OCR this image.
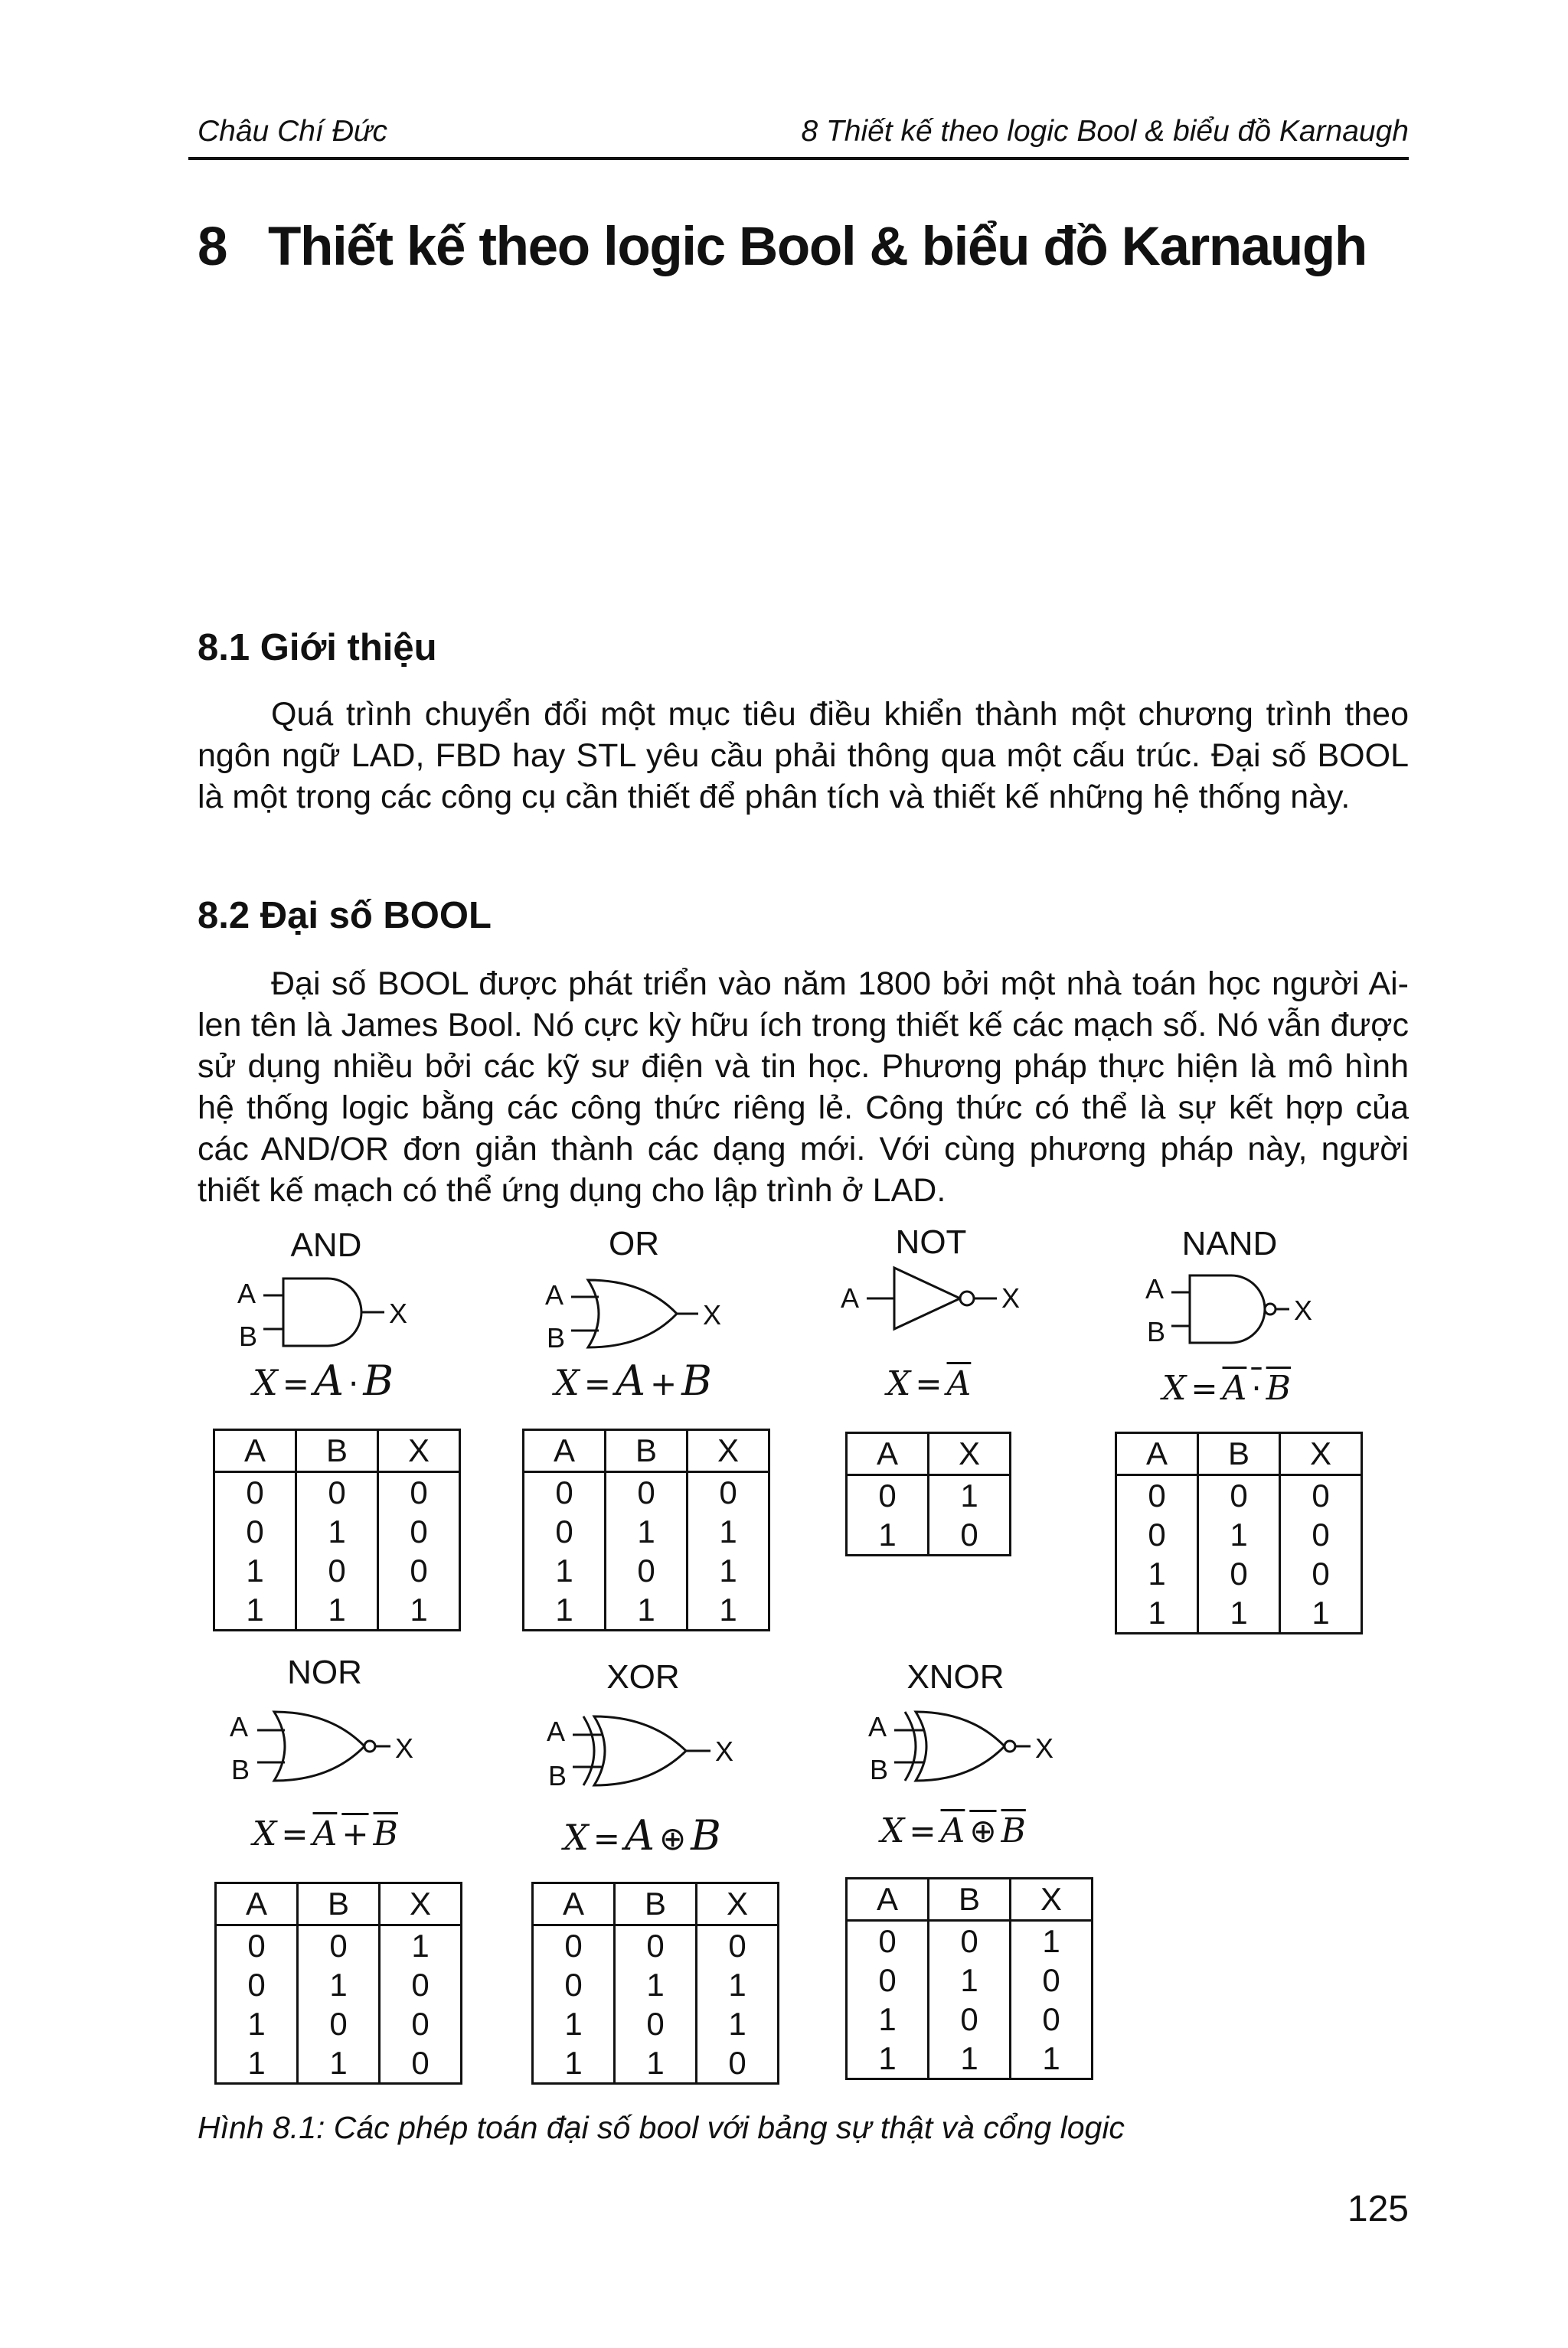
Châu Chí Đức	8 Thiết kế theo logic Bool & biểu đồ Karnaugh
8 Thiết kế theo logic Bool & biểu đồ Karnaugh
8.1 Giới thiệu

Quá trình chuyển đổi một mục tiêu điều khiển thành một chương trình theo ngôn ngữ LAD, FBD hay STL yêu cầu phải thông qua một cấu trúc. Đại số BOOL là một trong các công cụ cần thiết để phân tích và thiết kế những hệ thống này.

8.2 Đại số BOOL

Đại số BOOL được phát triển vào năm 1800 bởi một nhà toán học người Ai-len tên là James Bool. Nó cực kỳ hữu ích trong thiết kế các mạch số. Nó vẫn được sử dụng nhiều bởi các kỹ sư điện và tin học. Phương pháp thực hiện là mô hình hệ thống logic bằng các công thức riêng lẻ. Công thức có thể là sự kết hợp của các AND/OR đơn giản thành các dạng mới. Với cùng phương pháp này, người thiết kế mạch có thể ứng dụng cho lập trình ở LAD.

AND
A
B
X
X = A · B
A	B	X
0	0	0
0	1	0
1	0	0
1	1	1
OR
A
B
X
X = A + B
A	B	X
0	0	0
0	1	1
1	0	1
1	1	1
NOT
A	X
$X = \overline{A}$
A	X
0	1
1	0
NAND
A
B
X
X = A · B
A	B	X
0	0	0
0	1	0
1	0	0
1	1	1
NOR
A
B
X
X = A + B
A	B	X
0	0	1
0	1	0
1	0	0
1	1	0
XOR
A
B
X
X = A ⊕ B
A	B	X
0	0	0
0	1	1
1	0	1
1	1	0
XNOR
A
B
X
X = A ⊕ B
A	B	X
0	0	1
0	1	0
1	0	0
1	1	1
Hình 8.1: Các phép toán đại số bool với bảng sự thật và cổng logic
125
